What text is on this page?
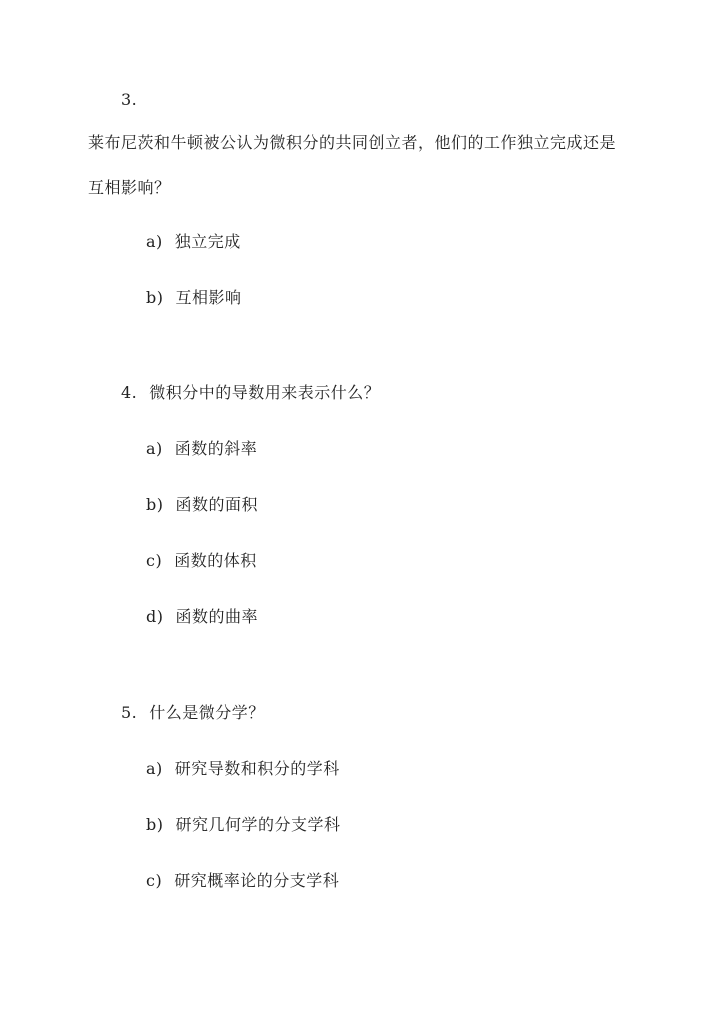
3.
莱布尼茨和牛顿被公认为微积分的共同创立者，他们的工作独立完成还是
互相影响？
a) 独立完成
b) 互相影响
4. 微积分中的导数用来表示什么？
a) 函数的斜率
b) 函数的面积
c) 函数的体积
d) 函数的曲率
5. 什么是微分学？
a) 研究导数和积分的学科
b) 研究几何学的分支学科
c) 研究概率论的分支学科
